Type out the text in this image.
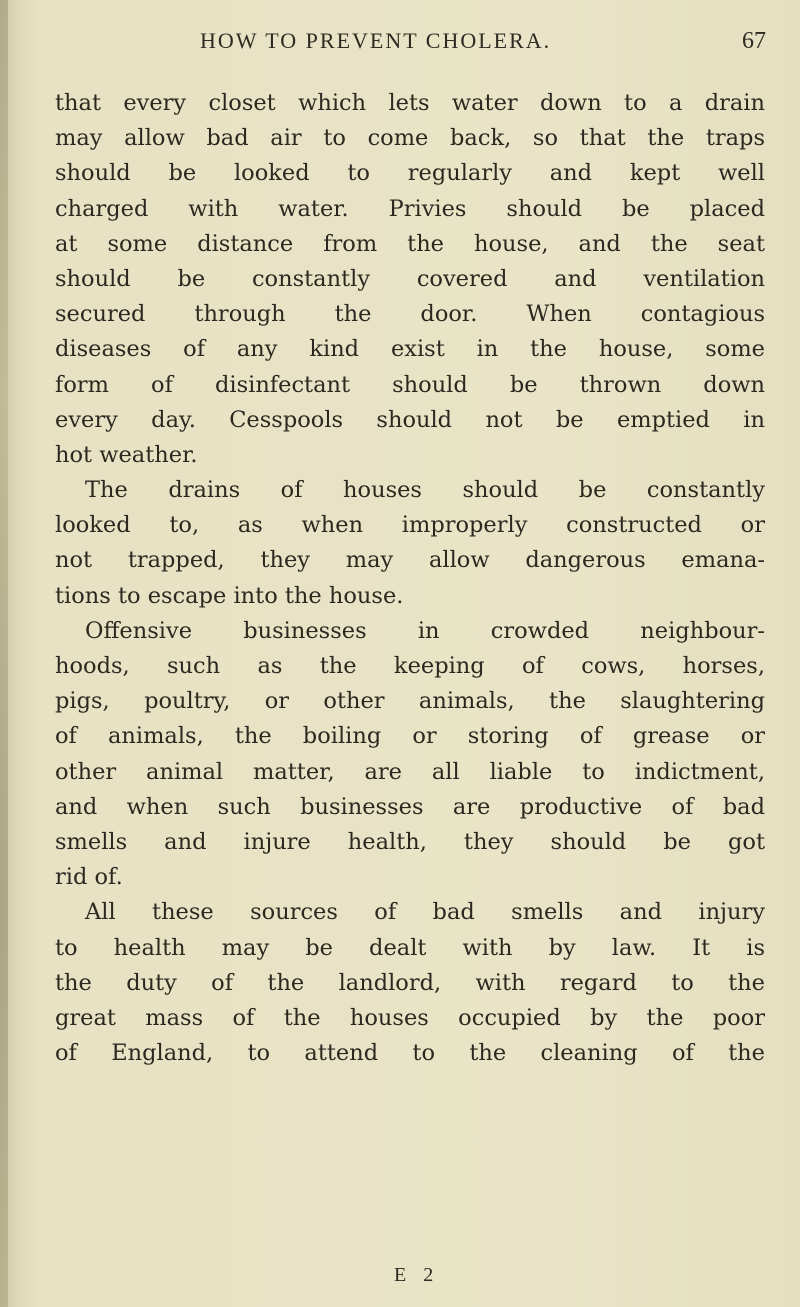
HOW TO PREVENT CHOLERA.	67
that every closet which lets water down to a drain
may allow bad air to come back, so that the traps
should be looked to regularly and kept well
charged with water. Privies should be placed
at some distance from the house, and the seat
should be constantly covered and ventilation
secured through the door. When contagious
diseases of any kind exist in the house, some
form of disinfectant should be thrown down
every day. Cesspools should not be emptied in
hot weather.
The drains of houses should be constantly
looked to, as when improperly constructed or
not trapped, they may allow dangerous emana-
tions to escape into the house.
Offensive businesses in crowded neighbour-
hoods, such as the keeping of cows, horses,
pigs, poultry, or other animals, the slaughtering
of animals, the boiling or storing of grease or
other animal matter, are all liable to indictment,
and when such businesses are productive of bad
smells and injure health, they should be got
rid of.
All these sources of bad smells and injury
to health may be dealt with by law. It is
the duty of the landlord, with regard to the
great mass of the houses occupied by the poor
of England, to attend to the cleaning of the
E 2
